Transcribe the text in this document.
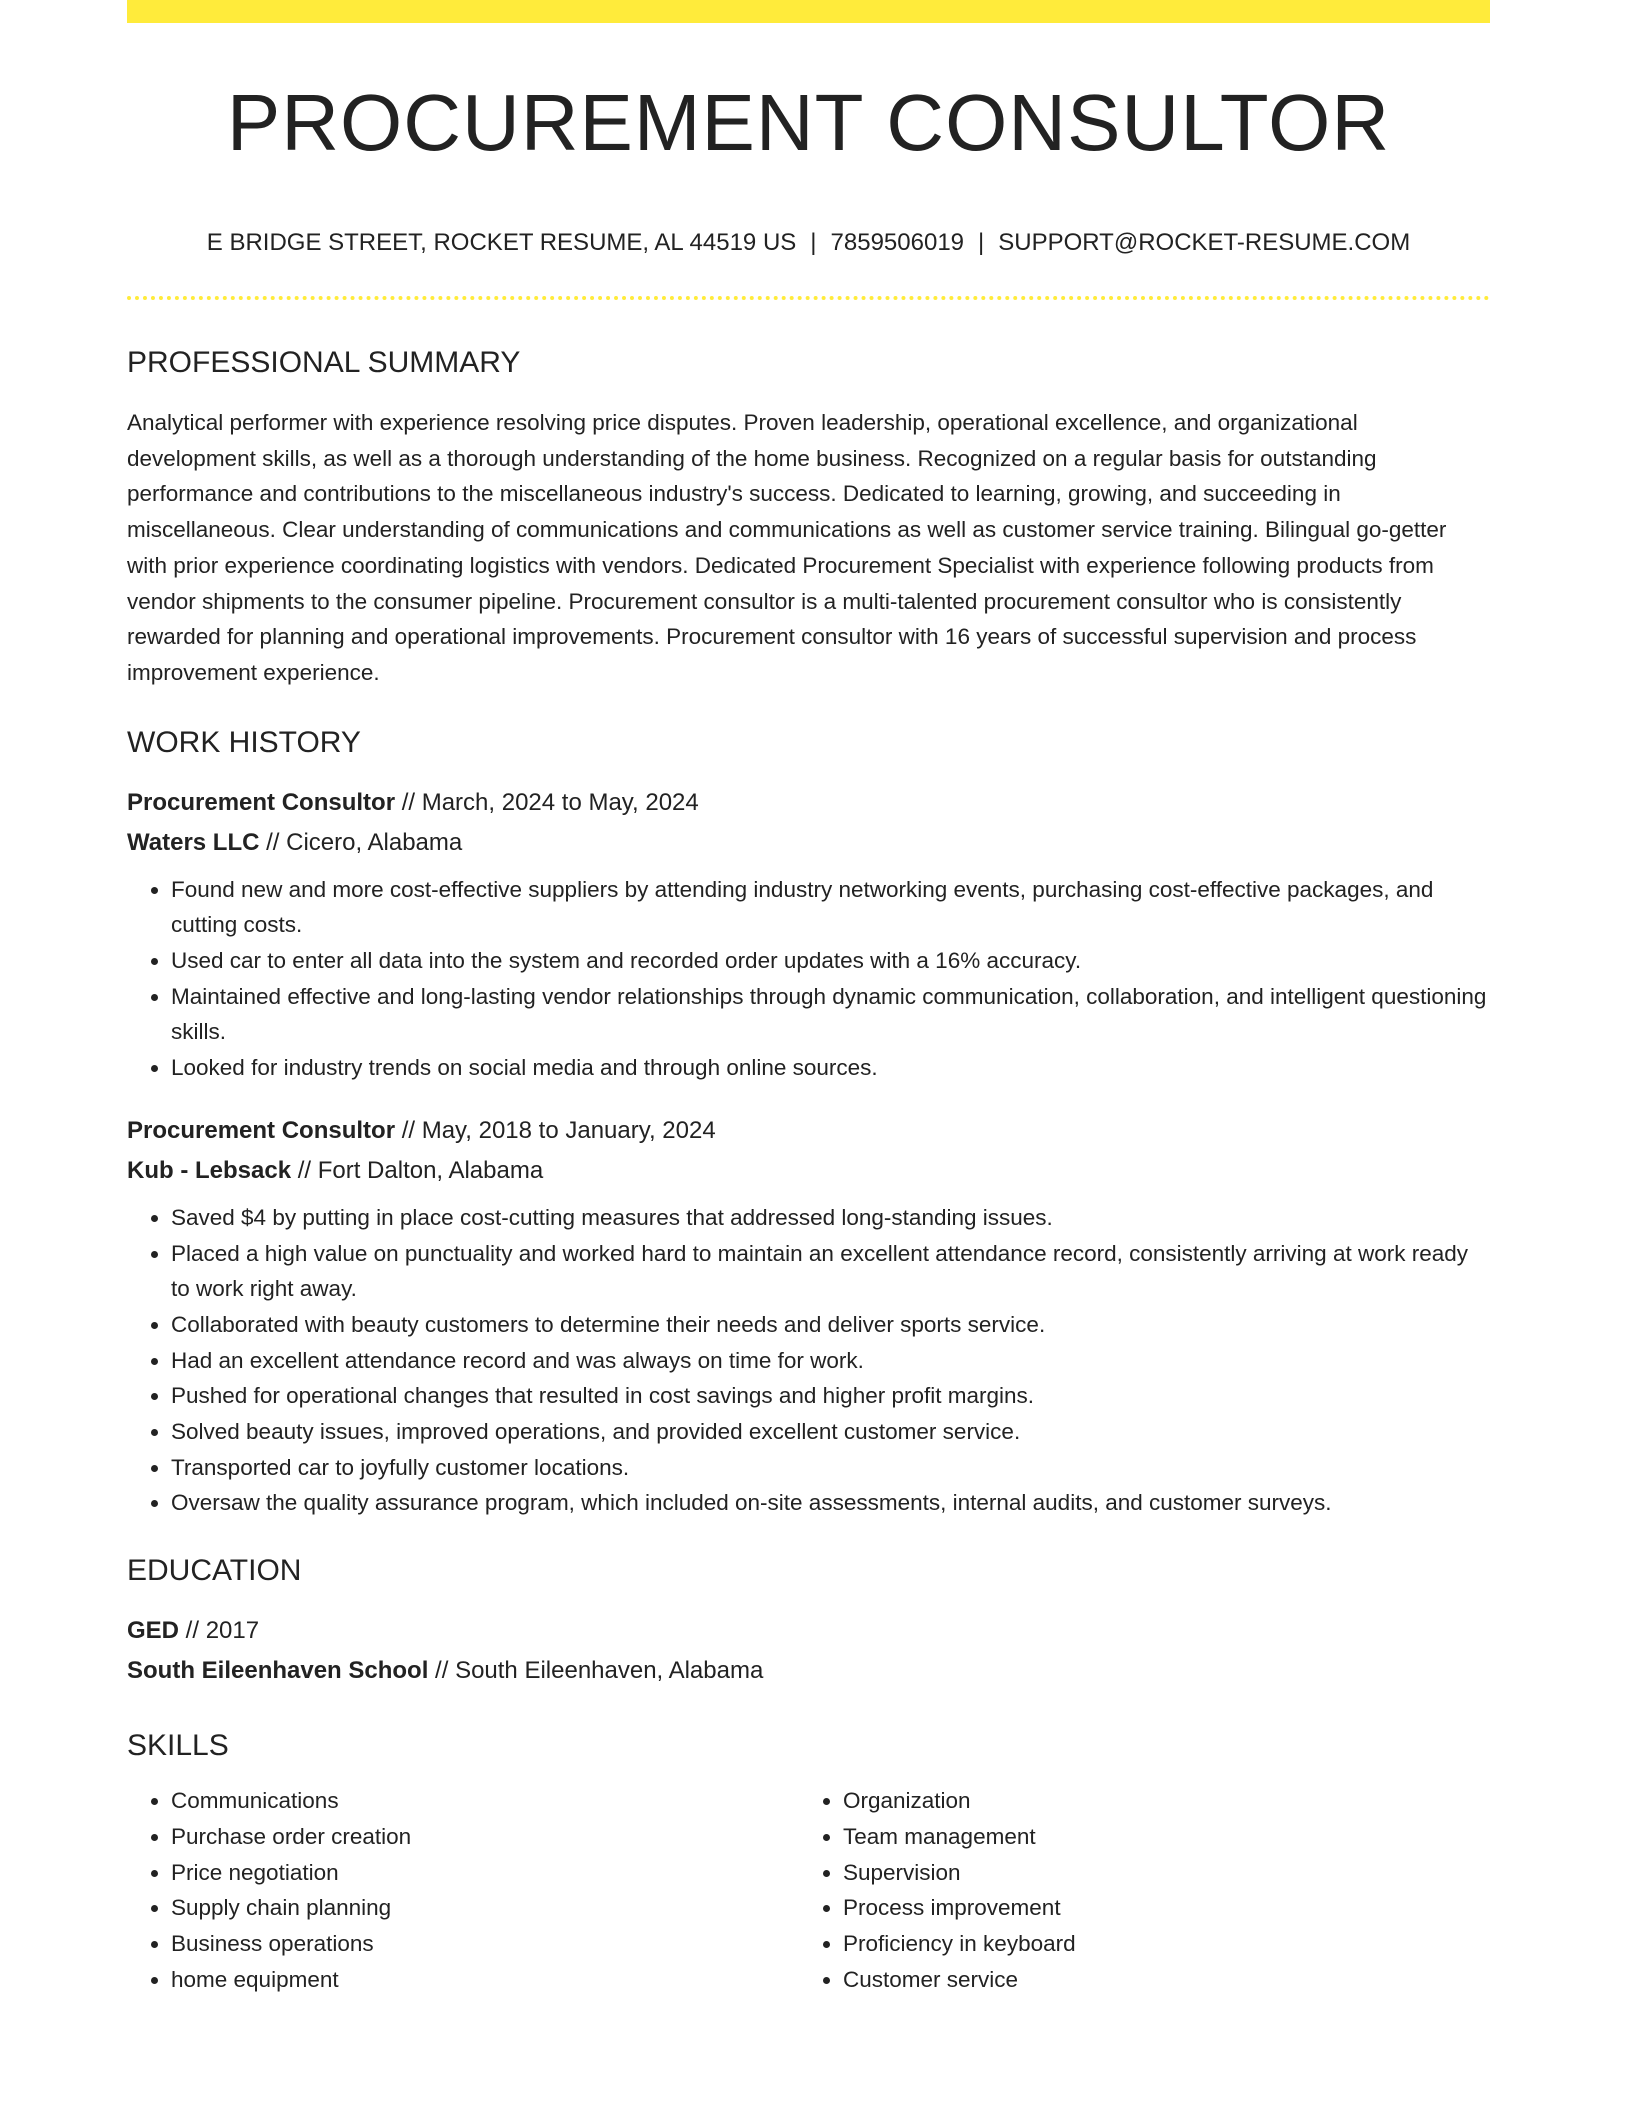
PROCUREMENT CONSULTOR
E BRIDGE STREET, ROCKET RESUME, AL 44519 US | 7859506019 | SUPPORT@ROCKET-RESUME.COM
PROFESSIONAL SUMMARY
Analytical performer with experience resolving price disputes. Proven leadership, operational excellence, and organizational development skills, as well as a thorough understanding of the home business. Recognized on a regular basis for outstanding performance and contributions to the miscellaneous industry's success. Dedicated to learning, growing, and succeeding in miscellaneous. Clear understanding of communications and communications as well as customer service training. Bilingual go-getter with prior experience coordinating logistics with vendors. Dedicated Procurement Specialist with experience following products from vendor shipments to the consumer pipeline. Procurement consultor is a multi-talented procurement consultor who is consistently rewarded for planning and operational improvements. Procurement consultor with 16 years of successful supervision and process improvement experience.
WORK HISTORY
Procurement Consultor // March, 2024 to May, 2024
Waters LLC // Cicero, Alabama
• Found new and more cost-effective suppliers by attending industry networking events, purchasing cost-effective packages, and cutting costs.
• Used car to enter all data into the system and recorded order updates with a 16% accuracy.
• Maintained effective and long-lasting vendor relationships through dynamic communication, collaboration, and intelligent questioning skills.
• Looked for industry trends on social media and through online sources.
Procurement Consultor // May, 2018 to January, 2024
Kub - Lebsack // Fort Dalton, Alabama
• Saved $4 by putting in place cost-cutting measures that addressed long-standing issues.
• Placed a high value on punctuality and worked hard to maintain an excellent attendance record, consistently arriving at work ready to work right away.
• Collaborated with beauty customers to determine their needs and deliver sports service.
• Had an excellent attendance record and was always on time for work.
• Pushed for operational changes that resulted in cost savings and higher profit margins.
• Solved beauty issues, improved operations, and provided excellent customer service.
• Transported car to joyfully customer locations.
• Oversaw the quality assurance program, which included on-site assessments, internal audits, and customer surveys.
EDUCATION
GED // 2017
South Eileenhaven School // South Eileenhaven, Alabama
SKILLS
• Communications
• Purchase order creation
• Price negotiation
• Supply chain planning
• Business operations
• home equipment
• Organization
• Team management
• Supervision
• Process improvement
• Proficiency in keyboard
• Customer service
